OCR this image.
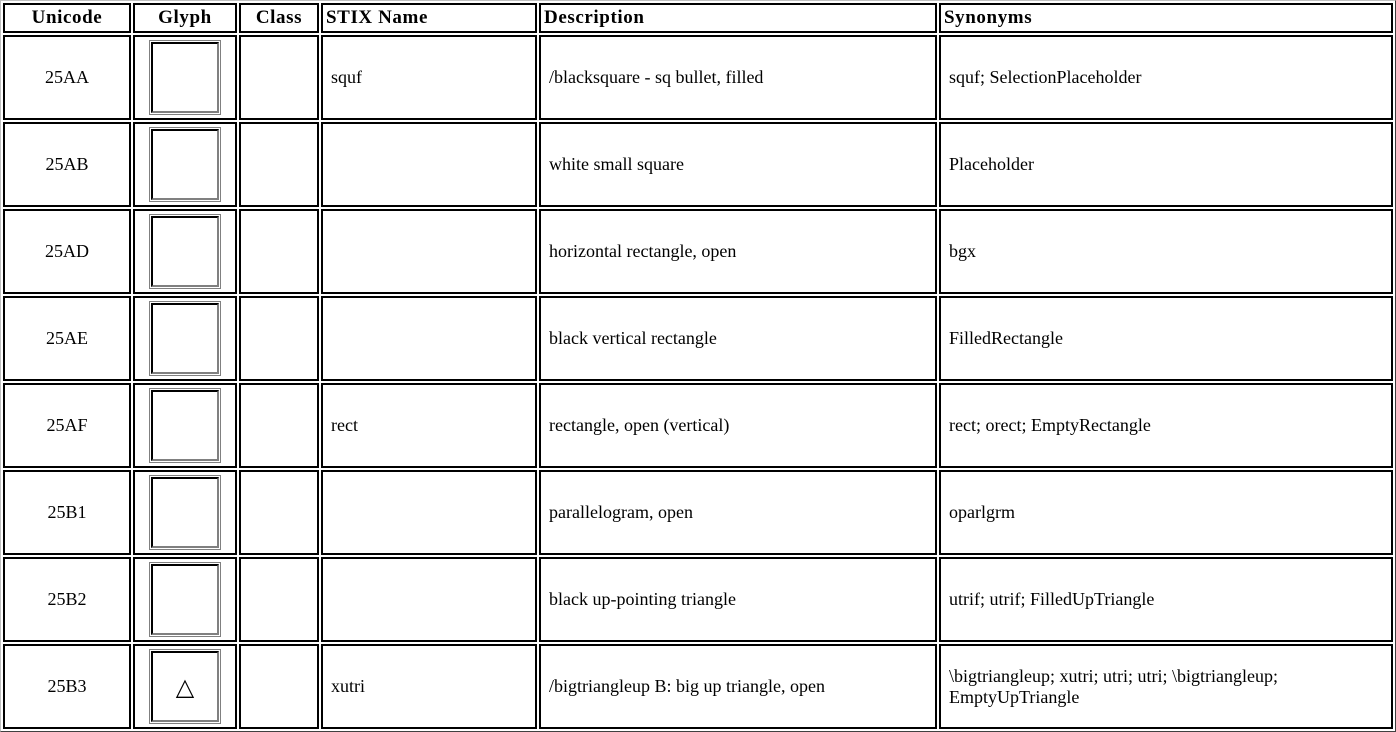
Unicode	Glyph	Class	STIX Name	Description	Synonyms
25AA			squf	/blacksquare - sq bullet, filled	squf; SelectionPlaceholder
25AB				white small square	Placeholder
25AD				horizontal rectangle, open	bgx
25AE				black vertical rectangle	FilledRectangle
25AF			rect	rectangle, open (vertical)	rect; orect; EmptyRectangle
25B1				parallelogram, open	oparlgrm
25B2				black up-pointing triangle	utrif; utrif; FilledUpTriangle
25B3	△		xutri	/bigtriangleup B: big up triangle, open	\bigtriangleup; xutri; utri; utri; \bigtriangleup; EmptyUpTriangle
